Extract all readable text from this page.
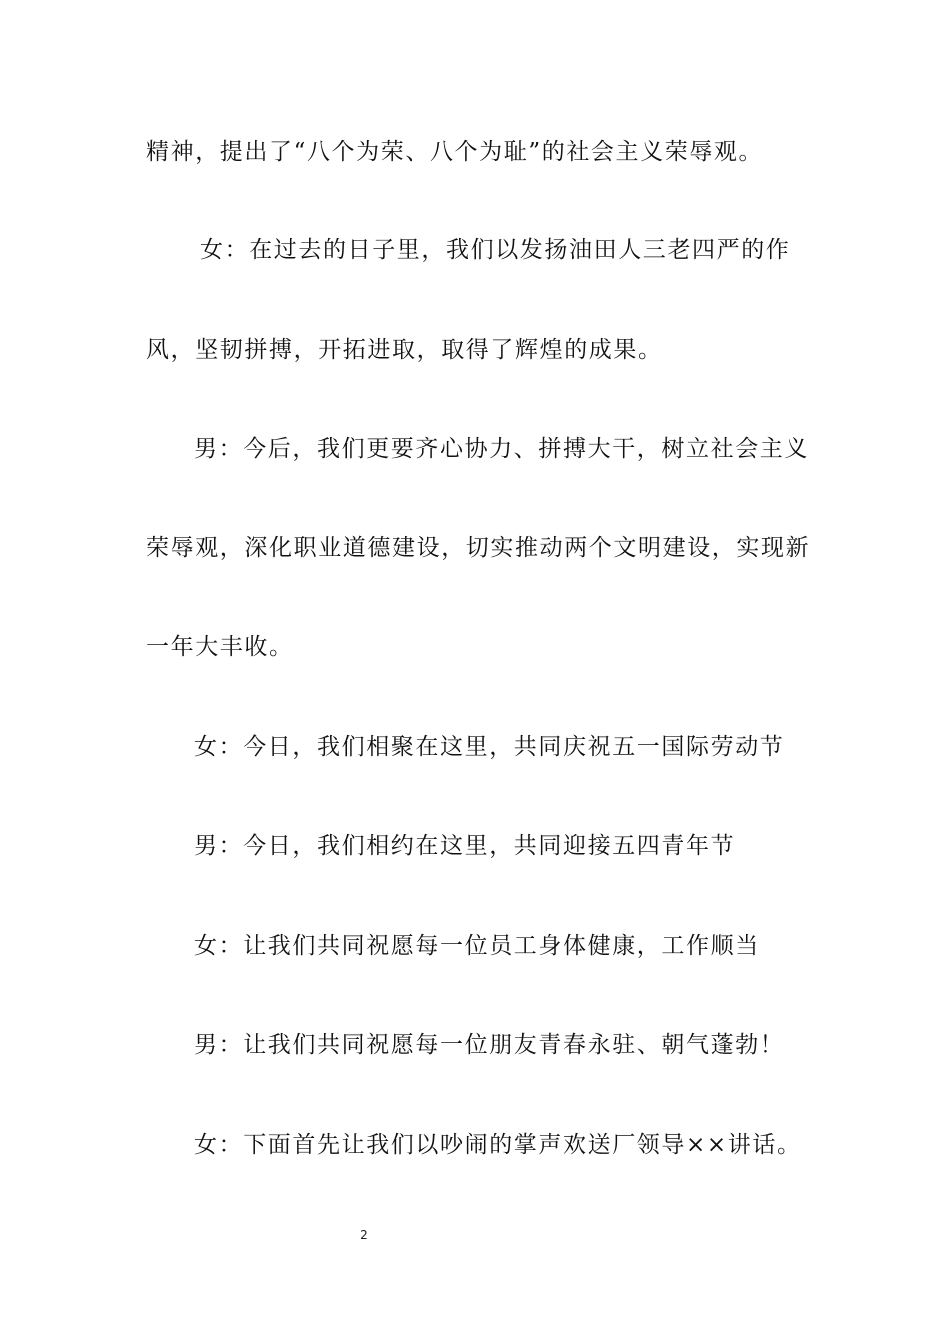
精神，提出了“八个为荣、八个为耻”的社会主义荣辱观。
女：在过去的日子里，我们以发扬油田人三老四严的作
风，坚韧拼搏，开拓进取，取得了辉煌的成果。
男：今后，我们更要齐心协力、拼搏大干，树立社会主义
荣辱观，深化职业道德建设，切实推动两个文明建设，实现新
一年大丰收。
女：今日，我们相聚在这里，共同庆祝五一国际劳动节
男：今日，我们相约在这里，共同迎接五四青年节
女：让我们共同祝愿每一位员工身体健康，工作顺当
男：让我们共同祝愿每一位朋友青春永驻、朝气蓬勃！
女：下面首先让我们以吵闹的掌声欢送厂领导××讲话。
2
